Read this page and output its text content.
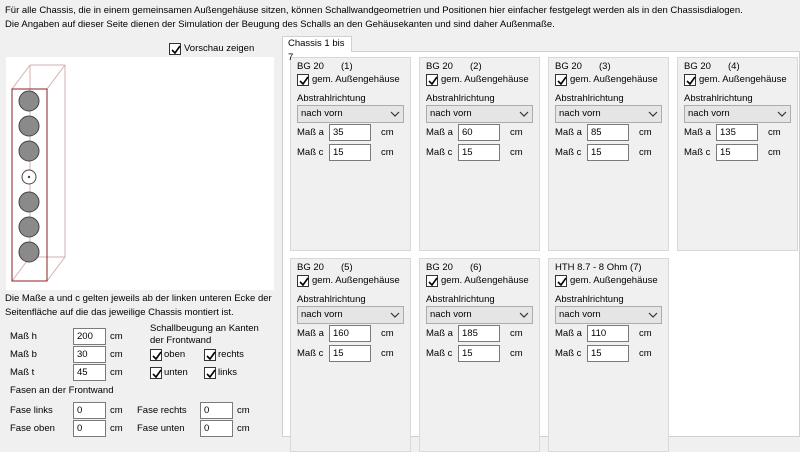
Für alle Chassis, die in einem gemeinsamen Außengehäuse sitzen, können Schallwandgeometrien und Positionen hier einfacher festgelegt werden als in den Chassisdialogen.
Die Angaben auf dieser Seite dienen der Simulation der Beugung des Schalls an den Gehäusekanten und sind daher Außenmaße.
Vorschau zeigen
Die Maße a und c gelten jeweils ab der linken unteren Ecke der
Seitenfläche auf die das jeweilige Chassis montiert ist.
Maß h	200	cm
Maß b	30	cm
Maß t	45	cm
Schallbeugung an Kanten
der Frontwand
oben	rechts
unten	links
Fasen an der Frontwand
Fase links	0	cm Fase rechts	0	cm
Fase oben	0	cm Fase unten	0	cm
Chassis 1 bis 7
BG 20 (1)
gem. Außengehäuse
Abstrahlrichtung
nach vorn
Maß a 35	cm
Maß c	15	cm
BG 20 (2)
gem. Außengehäuse
Abstrahlrichtung
nach vorn
Maß a 60	cm
Maß c	15	cm
BG 20 (3)
gem. Außengehäuse
Abstrahlrichtung
nach vorn
Maß a 85	cm
Maß c	15	cm
BG 20 (4)
gem. Außengehäuse
Abstrahlrichtung
nach vorn
Maß a 135	cm
Maß c	15	cm
BG 20 (5)
gem. Außengehäuse
Abstrahlrichtung
nach vorn
Maß a 160	cm
Maß c	15	cm
BG 20 (6)
gem. Außengehäuse
Abstrahlrichtung
nach vorn
Maß a 185	cm
Maß c	15	cm
HTH 8.7 - 8 Ohm (7)
gem. Außengehäuse
Abstrahlrichtung
nach vorn
Maß a 110	cm
Maß c	15	cm
